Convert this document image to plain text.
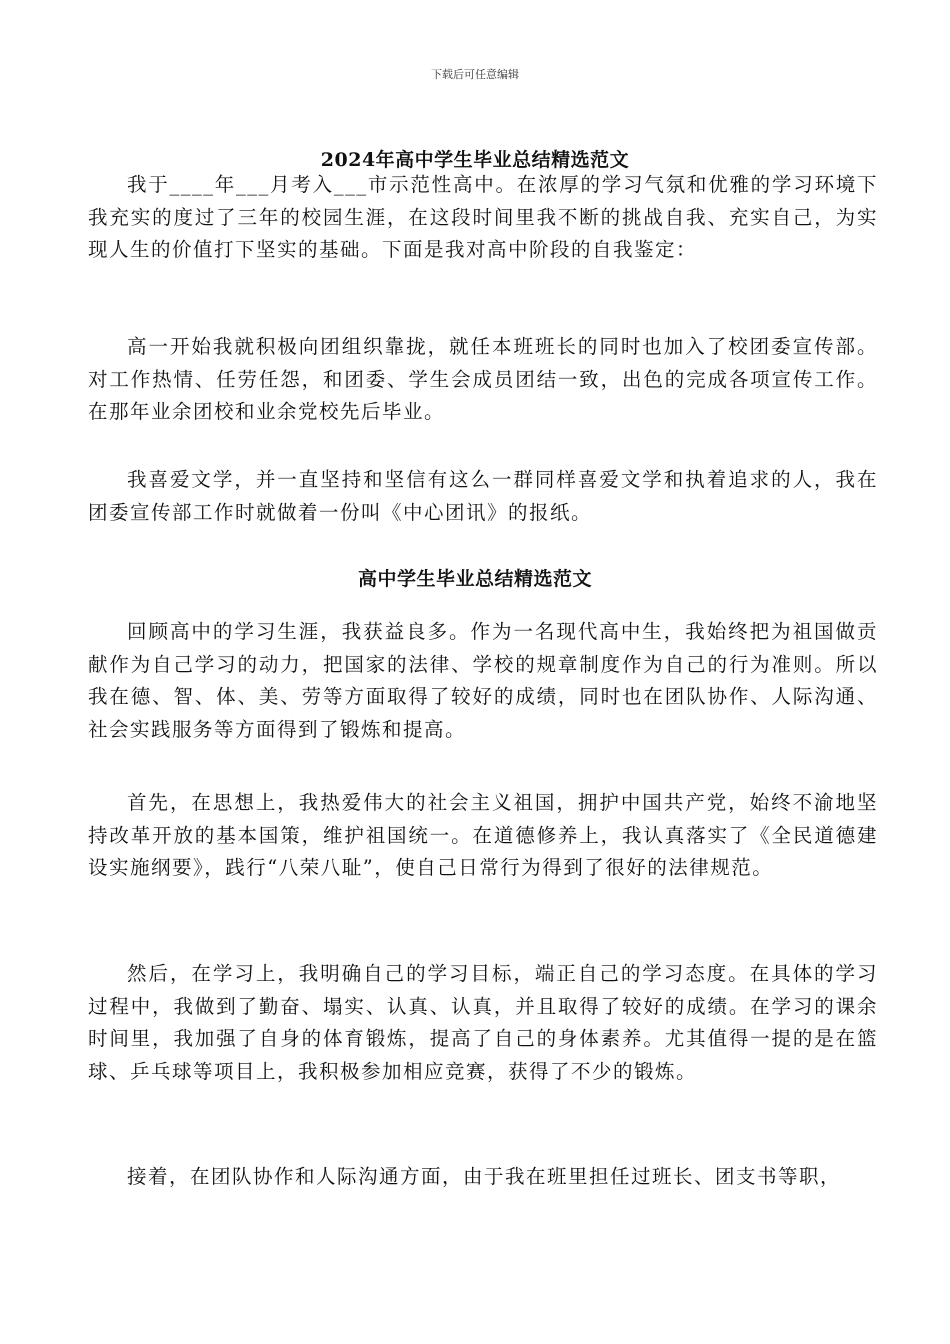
下载后可任意编辑
2024年高中学生毕业总结精选范文

我于____年___月考入___市示范性高中。在浓厚的学习气氛和优雅的学习环境下我充实的度过了三年的校园生涯，在这段时间里我不断的挑战自我、充实自己，为实现人生的价值打下坚实的基础。下面是我对高中阶段的自我鉴定：

高一开始我就积极向团组织靠拢，就任本班班长的同时也加入了校团委宣传部。对工作热情、任劳任怨，和团委、学生会成员团结一致，出色的完成各项宣传工作。在那年业余团校和业余党校先后毕业。

我喜爱文学，并一直坚持和坚信有这么一群同样喜爱文学和执着追求的人，我在团委宣传部工作时就做着一份叫《中心团讯》的报纸。

高中学生毕业总结精选范文

回顾高中的学习生涯，我获益良多。作为一名现代高中生，我始终把为祖国做贡献作为自己学习的动力，把国家的法律、学校的规章制度作为自己的行为准则。所以我在德、智、体、美、劳等方面取得了较好的成绩，同时也在团队协作、人际沟通、社会实践服务等方面得到了锻炼和提高。

首先，在思想上，我热爱伟大的社会主义祖国，拥护中国共产党，始终不渝地坚持改革开放的基本国策，维护祖国统一。在道德修养上，我认真落实了《全民道德建设实施纲要》，践行“八荣八耻”，使自己日常行为得到了很好的法律规范。

然后，在学习上，我明确自己的学习目标，端正自己的学习态度。在具体的学习过程中，我做到了勤奋、塌实、认真、认真，并且取得了较好的成绩。在学习的课余时间里，我加强了自身的体育锻炼，提高了自己的身体素养。尤其值得一提的是在篮球、乒乓球等项目上，我积极参加相应竞赛，获得了不少的锻炼。

接着，在团队协作和人际沟通方面，由于我在班里担任过班长、团支书等职，
